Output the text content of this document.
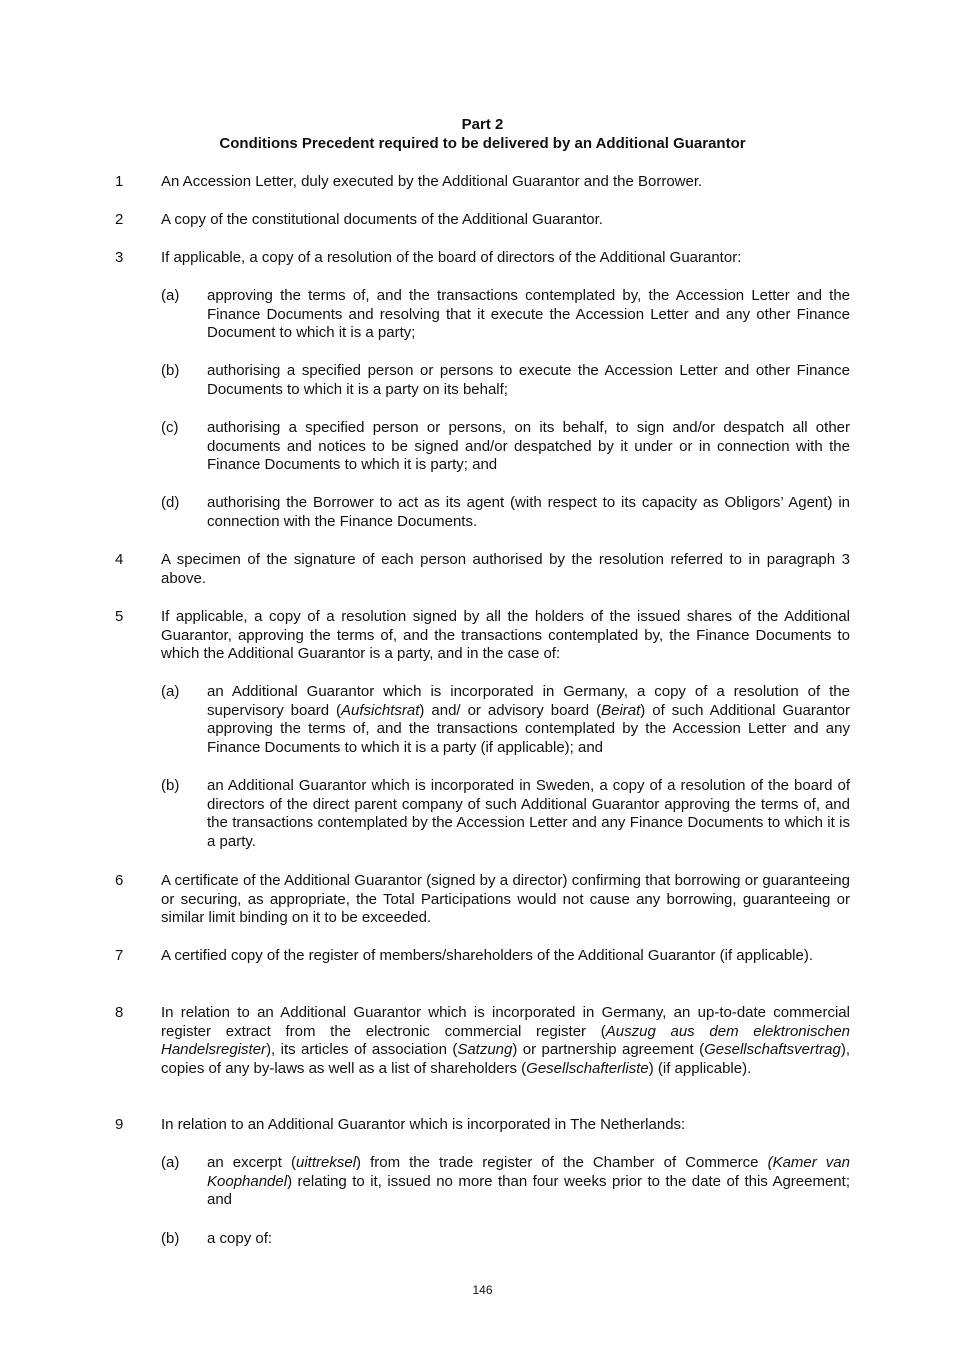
Part 2
Conditions Precedent required to be delivered by an Additional Guarantor
1	An Accession Letter, duly executed by the Additional Guarantor and the Borrower.
2	A copy of the constitutional documents of the Additional Guarantor.
3	If applicable, a copy of a resolution of the board of directors of the Additional Guarantor:
(a)	approving the terms of, and the transactions contemplated by, the Accession Letter and the Finance Documents and resolving that it execute the Accession Letter and any other Finance Document to which it is a party;
(b)	authorising a specified person or persons to execute the Accession Letter and other Finance Documents to which it is a party on its behalf;
(c)	authorising a specified person or persons, on its behalf, to sign and/or despatch all other documents and notices to be signed and/or despatched by it under or in connection with the Finance Documents to which it is party; and
(d)	authorising the Borrower to act as its agent (with respect to its capacity as Obligors’ Agent) in connection with the Finance Documents.
4	A specimen of the signature of each person authorised by the resolution referred to in paragraph 3 above.
5	If applicable, a copy of a resolution signed by all the holders of the issued shares of the Additional Guarantor, approving the terms of, and the transactions contemplated by, the Finance Documents to which the Additional Guarantor is a party, and in the case of:
(a)	an Additional Guarantor which is incorporated in Germany, a copy of a resolution of the supervisory board (Aufsichtsrat) and/ or advisory board (Beirat) of such Additional Guarantor approving the terms of, and the transactions contemplated by the Accession Letter and any Finance Documents to which it is a party (if applicable); and
(b)	an Additional Guarantor which is incorporated in Sweden, a copy of a resolution of the board of directors of the direct parent company of such Additional Guarantor approving the terms of, and the transactions contemplated by the Accession Letter and any Finance Documents to which it is a party.
6	A certificate of the Additional Guarantor (signed by a director) confirming that borrowing or guaranteeing or securing, as appropriate, the Total Participations would not cause any borrowing, guaranteeing or similar limit binding on it to be exceeded.
7	A certified copy of the register of members/shareholders of the Additional Guarantor (if applicable).
8	In relation to an Additional Guarantor which is incorporated in Germany, an up-to-date commercial register extract from the electronic commercial register (Auszug aus dem elektronischen Handelsregister), its articles of association (Satzung) or partnership agreement (Gesellschaftsvertrag), copies of any by-laws as well as a list of shareholders (Gesellschafterliste) (if applicable).
9	In relation to an Additional Guarantor which is incorporated in The Netherlands:
(a)	an excerpt (uittreksel) from the trade register of the Chamber of Commerce (Kamer van Koophandel) relating to it, issued no more than four weeks prior to the date of this Agreement; and
(b)	a copy of:
146
